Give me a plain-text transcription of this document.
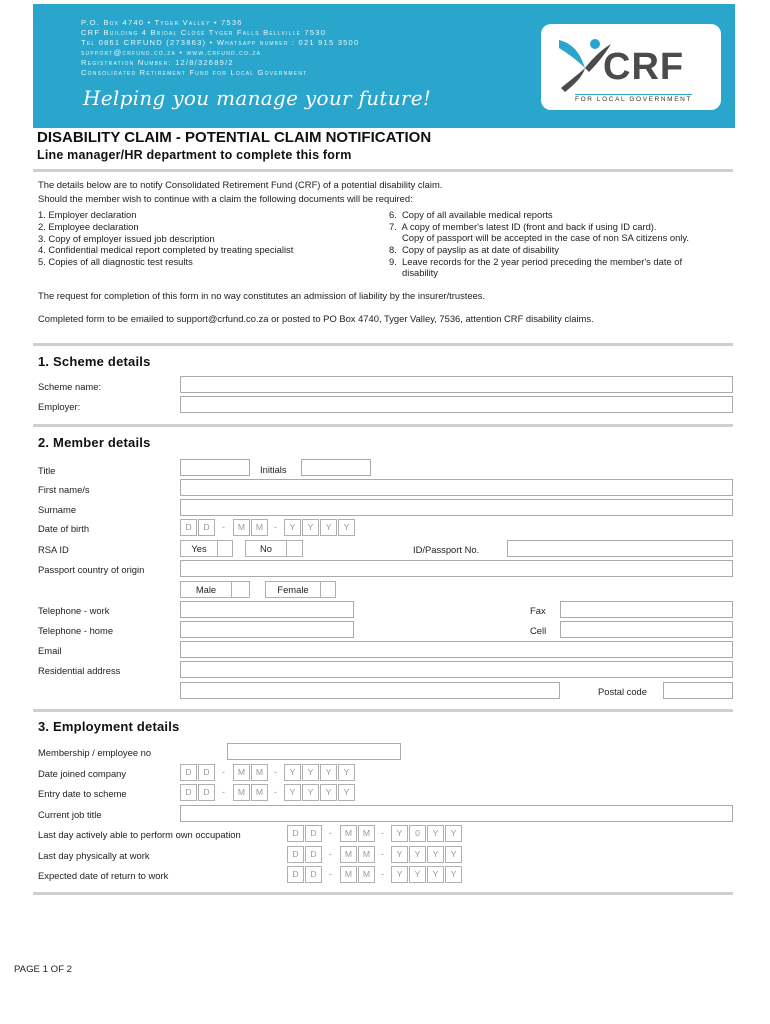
P.O. Box 4740 • Tyger Valley • 7536
CRF Building 4 Bridal Close Tyger Falls Bellville 7530
Tel 0861 CRFUND (273863) • Whatsapp number : 021 915 3500
support@crfund.co.za • www.crfund.co.za
Registration Number: 12/8/32689/2
Consolidated Retirement Fund for Local Government
Helping you manage your future!
CRF
FOR LOCAL GOVERNMENT
DISABILITY CLAIM - POTENTIAL CLAIM NOTIFICATION
Line manager/HR department to complete this form
The details below are to notify Consolidated Retirement Fund (CRF) of a potential disability claim.
Should the member wish to continue with a claim the following documents will be required:
1. Employer declaration
2. Employee declaration
3. Copy of employer issued job description
4. Confidential medical report completed by treating specialist
5. Copies of all diagnostic test results
6.  Copy of all available medical reports
7.  A copy of member's latest ID (front and back if using ID card).
Copy of passport will be accepted in the case of non SA citizens only.
8.  Copy of payslip as at date of disability
9.  Leave records for the 2 year period preceding the member's date of
disability
The request for completion of this form in no way constitutes an admission of liability by the insurer/trustees.
Completed form to be emailed to support@crfund.co.za or posted to PO Box 4740, Tyger Valley, 7536, attention CRF disability claims.
1. Scheme details
Scheme name:
Employer:
2. Member details
Title	Initials
First name/s
Surname
Date of birth	D	D	-	M	M	-	Y	Y	Y	Y
RSA ID	Yes	No	ID/Passport No.
Passport country of origin
Male	Female
Telephone - work	Fax
Telephone - home	Cell
Email
Residential address
Postal code
3. Employment details
Membership / employee no
Date joined company	D	D	-	M	M	-	Y	Y	Y	Y
Entry date to scheme	D	D	-	M	M	-	Y	Y	Y	Y
Current job title
Last day actively able to perform own occupation	D	D	-	M	M	-	Y	0	Y	Y
Last day physically at work	D	D	-	M	M	-	Y	Y	Y	Y
Expected date of return to work	D	D	-	M	M	-	Y	Y	Y	Y
PAGE 1 OF 2
